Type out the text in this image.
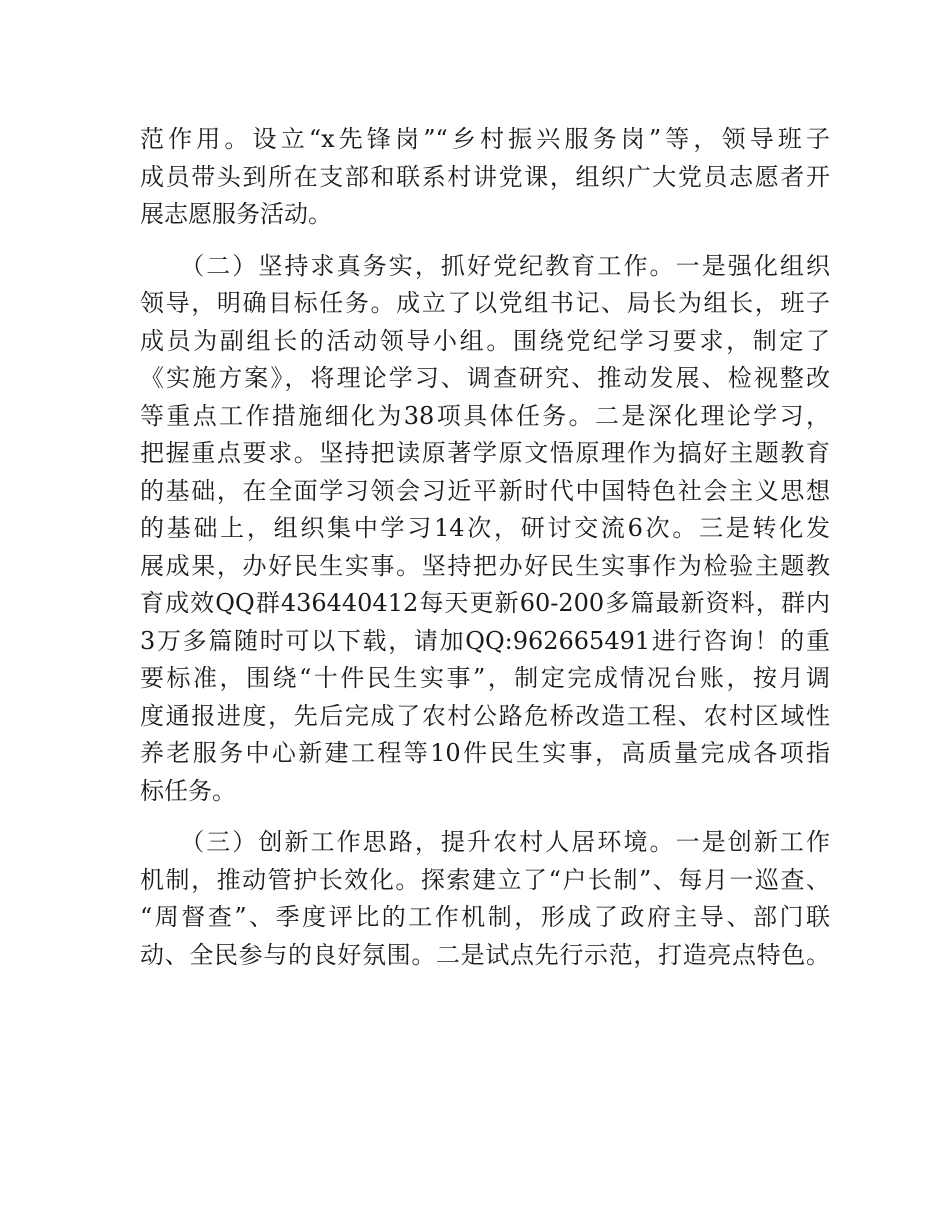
范作用。设立“x先锋岗”“乡村振兴服务岗”等，领导班子
成员带头到所在支部和联系村讲党课，组织广大党员志愿者开
展志愿服务活动。
　　（二）坚持求真务实，抓好党纪教育工作。一是强化组织
领导，明确目标任务。成立了以党组书记、局长为组长，班子
成员为副组长的活动领导小组。围绕党纪学习要求，制定了
《实施方案》，将理论学习、调查研究、推动发展、检视整改
等重点工作措施细化为38项具体任务。二是深化理论学习，
把握重点要求。坚持把读原著学原文悟原理作为搞好主题教育
的基础，在全面学习领会习近平新时代中国特色社会主义思想
的基础上，组织集中学习14次，研讨交流6次。三是转化发
展成果，办好民生实事。坚持把办好民生实事作为检验主题教
育成效QQ群436440412每天更新60-200多篇最新资料，群内
3万多篇随时可以下载，请加QQ:962665491进行咨询！的重
要标准，围绕“十件民生实事”，制定完成情况台账，按月调
度通报进度，先后完成了农村公路危桥改造工程、农村区域性
养老服务中心新建工程等10件民生实事，高质量完成各项指
标任务。
　　（三）创新工作思路，提升农村人居环境。一是创新工作
机制，推动管护长效化。探索建立了“户长制”、每月一巡查、
“周督查”、季度评比的工作机制，形成了政府主导、部门联
动、全民参与的良好氛围。二是试点先行示范，打造亮点特色。
